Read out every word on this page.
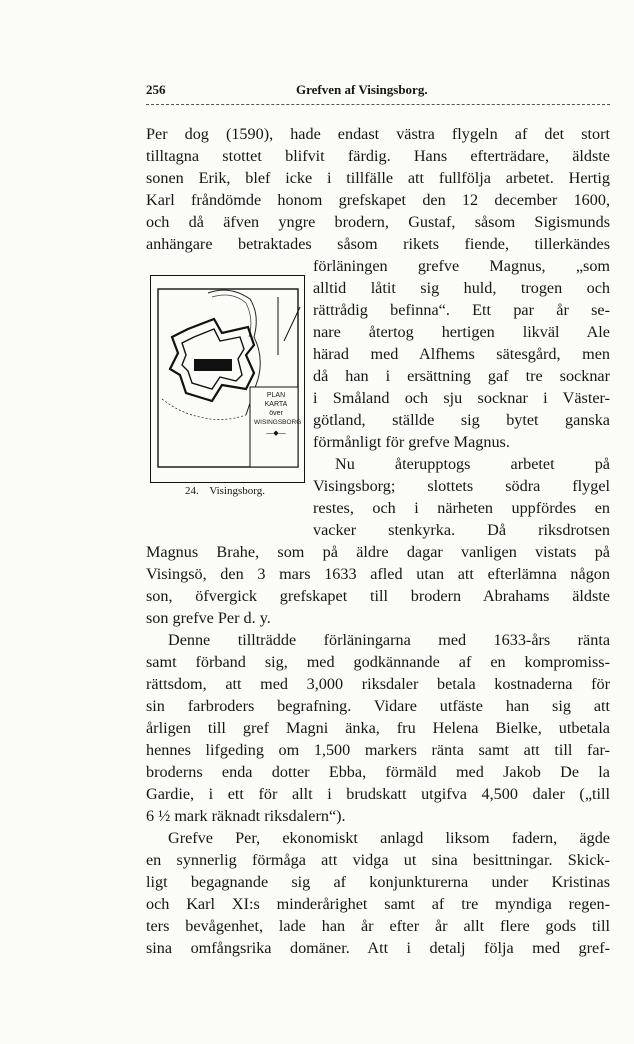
256	Grefven af Visingsborg.
Per dog (1590), hade endast västra flygeln af det stort
tilltagna stottet blifvit färdig. Hans efterträdare, äldste
sonen Erik, blef icke i tillfälle att fullfölja arbetet. Hertig
Karl fråndömde honom grefskapet den 12 december 1600,
och då äfven yngre brodern, Gustaf, såsom Sigismunds
anhängare betraktades såsom rikets fiende, tillerkändes
förläningen grefve Magnus, „som
alltid låtit sig huld, trogen och
rättrådig befinna“. Ett par år se-
nare återtog hertigen likväl Ale
härad med Alfhems sätesgård, men
då han i ersättning gaf tre socknar
i Småland och sju socknar i Väster-
götland, ställde sig bytet ganska
förmånligt för grefve Magnus.
Nu återupptogs arbetet på
Visingsborg; slottets södra flygel
restes, och i närheten uppfördes en
vacker stenkyrka. Då riksdrotsen
Magnus Brahe, som på äldre dagar vanligen vistats på
Visingsö, den 3 mars 1633 afled utan att efterlämna någon
son, öfvergick grefskapet till brodern Abrahams äldste
son grefve Per d. y.
Denne tillträdde förläningarna med 1633-års ränta
samt förband sig, med godkännande af en kompromiss-
rättsdom, att med 3,000 riksdaler betala kostnaderna för
sin farbroders begrafning. Vidare utfäste han sig att
årligen till gref Magni änka, fru Helena Bielke, utbetala
hennes lifgeding om 1,500 markers ränta samt att till far-
broderns enda dotter Ebba, förmäld med Jakob De la
Gardie, i ett för allt i brudskatt utgifva 4,500 daler („till
6 ½ mark räknadt riksdalern“).
Grefve Per, ekonomiskt anlagd liksom fadern, ägde
en synnerlig förmåga att vidga ut sina besittningar. Skick-
ligt begagnande sig af konjunkturerna under Kristinas
och Karl XI:s minderårighet samt af tre myndiga regen-
ters bevågenhet, lade han år efter år allt flere gods till
sina omfångsrika domäner. Att i detalj följa med gref-
PLAN
KARTA
över
WISINGSBORG
—◆—
24. Visingsborg.
